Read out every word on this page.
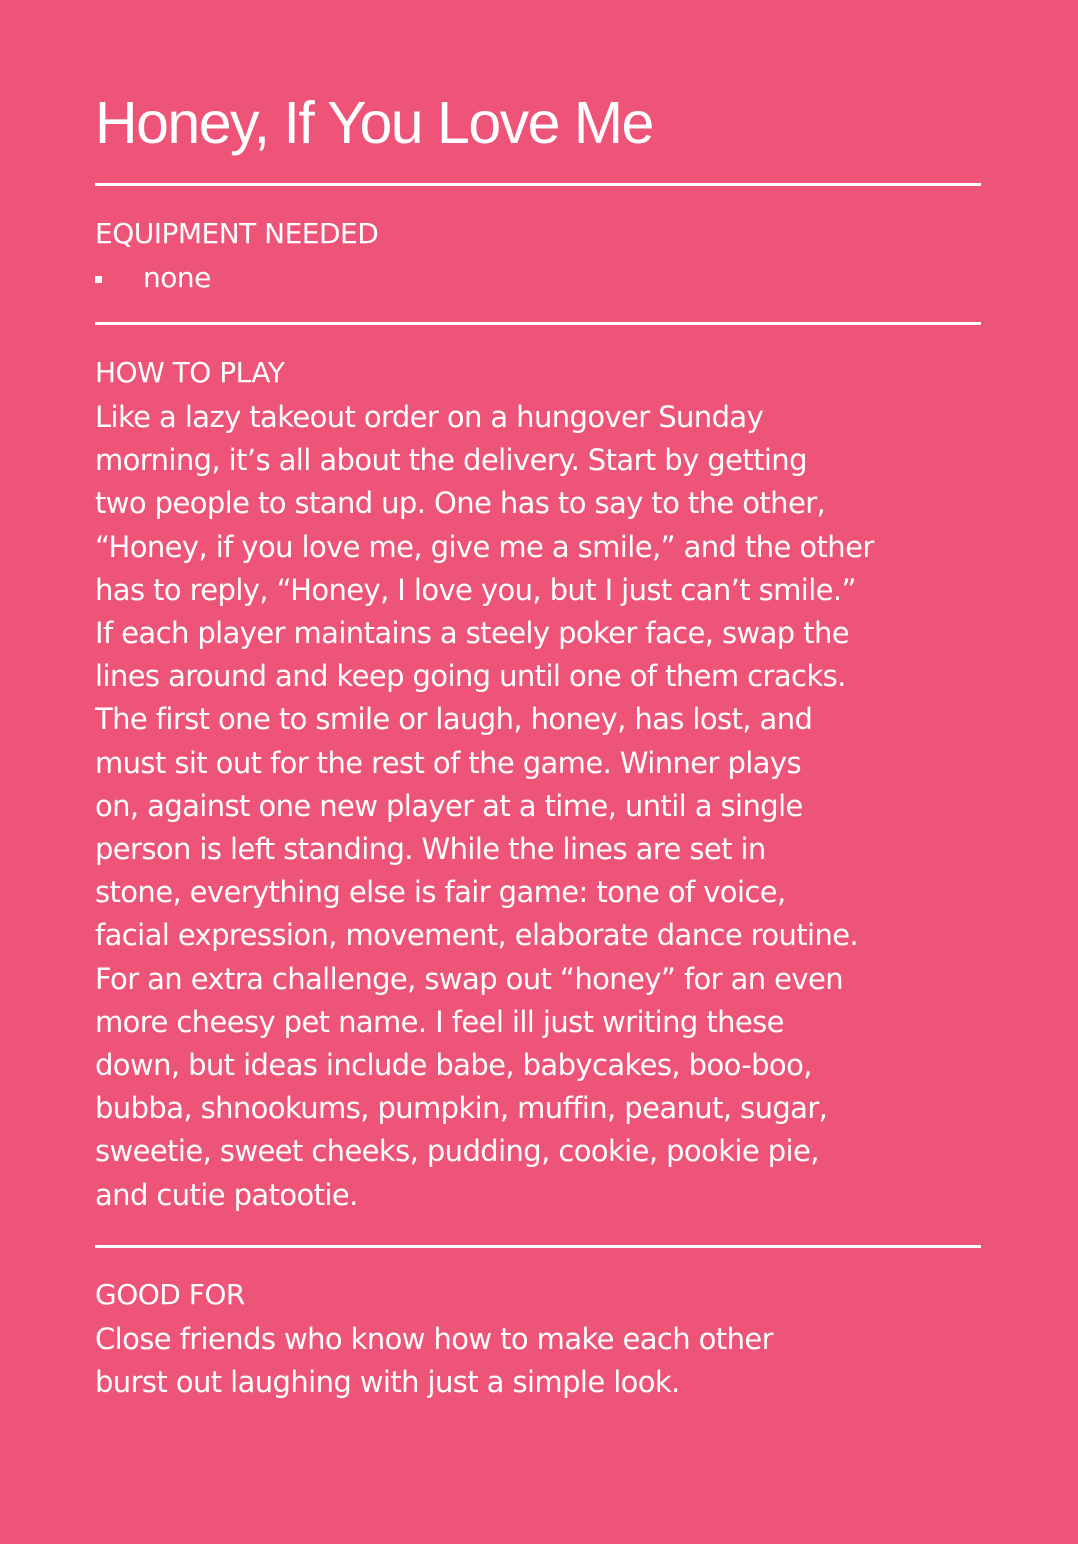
Honey, If You Love Me
EQUIPMENT NEEDED
none
HOW TO PLAY

Like a lazy takeout order on a hungover Sunday
morning, it’s all about the delivery. Start by getting
two people to stand up. One has to say to the other,
“Honey, if you love me, give me a smile,” and the other
has to reply, “Honey, I love you, but I just can’t smile.”
If each player maintains a steely poker face, swap the
lines around and keep going until one of them cracks.
The first one to smile or laugh, honey, has lost, and
must sit out for the rest of the game. Winner plays
on, against one new player at a time, until a single
person is left standing. While the lines are set in
stone, everything else is fair game: tone of voice,
facial expression, movement, elaborate dance routine.
For an extra challenge, swap out “honey” for an even
more cheesy pet name. I feel ill just writing these
down, but ideas include babe, babycakes, boo-boo,
bubba, shnookums, pumpkin, muffin, peanut, sugar,
sweetie, sweet cheeks, pudding, cookie, pookie pie,
and cutie patootie.

GOOD FOR

Close friends who know how to make each other
burst out laughing with just a simple look.
